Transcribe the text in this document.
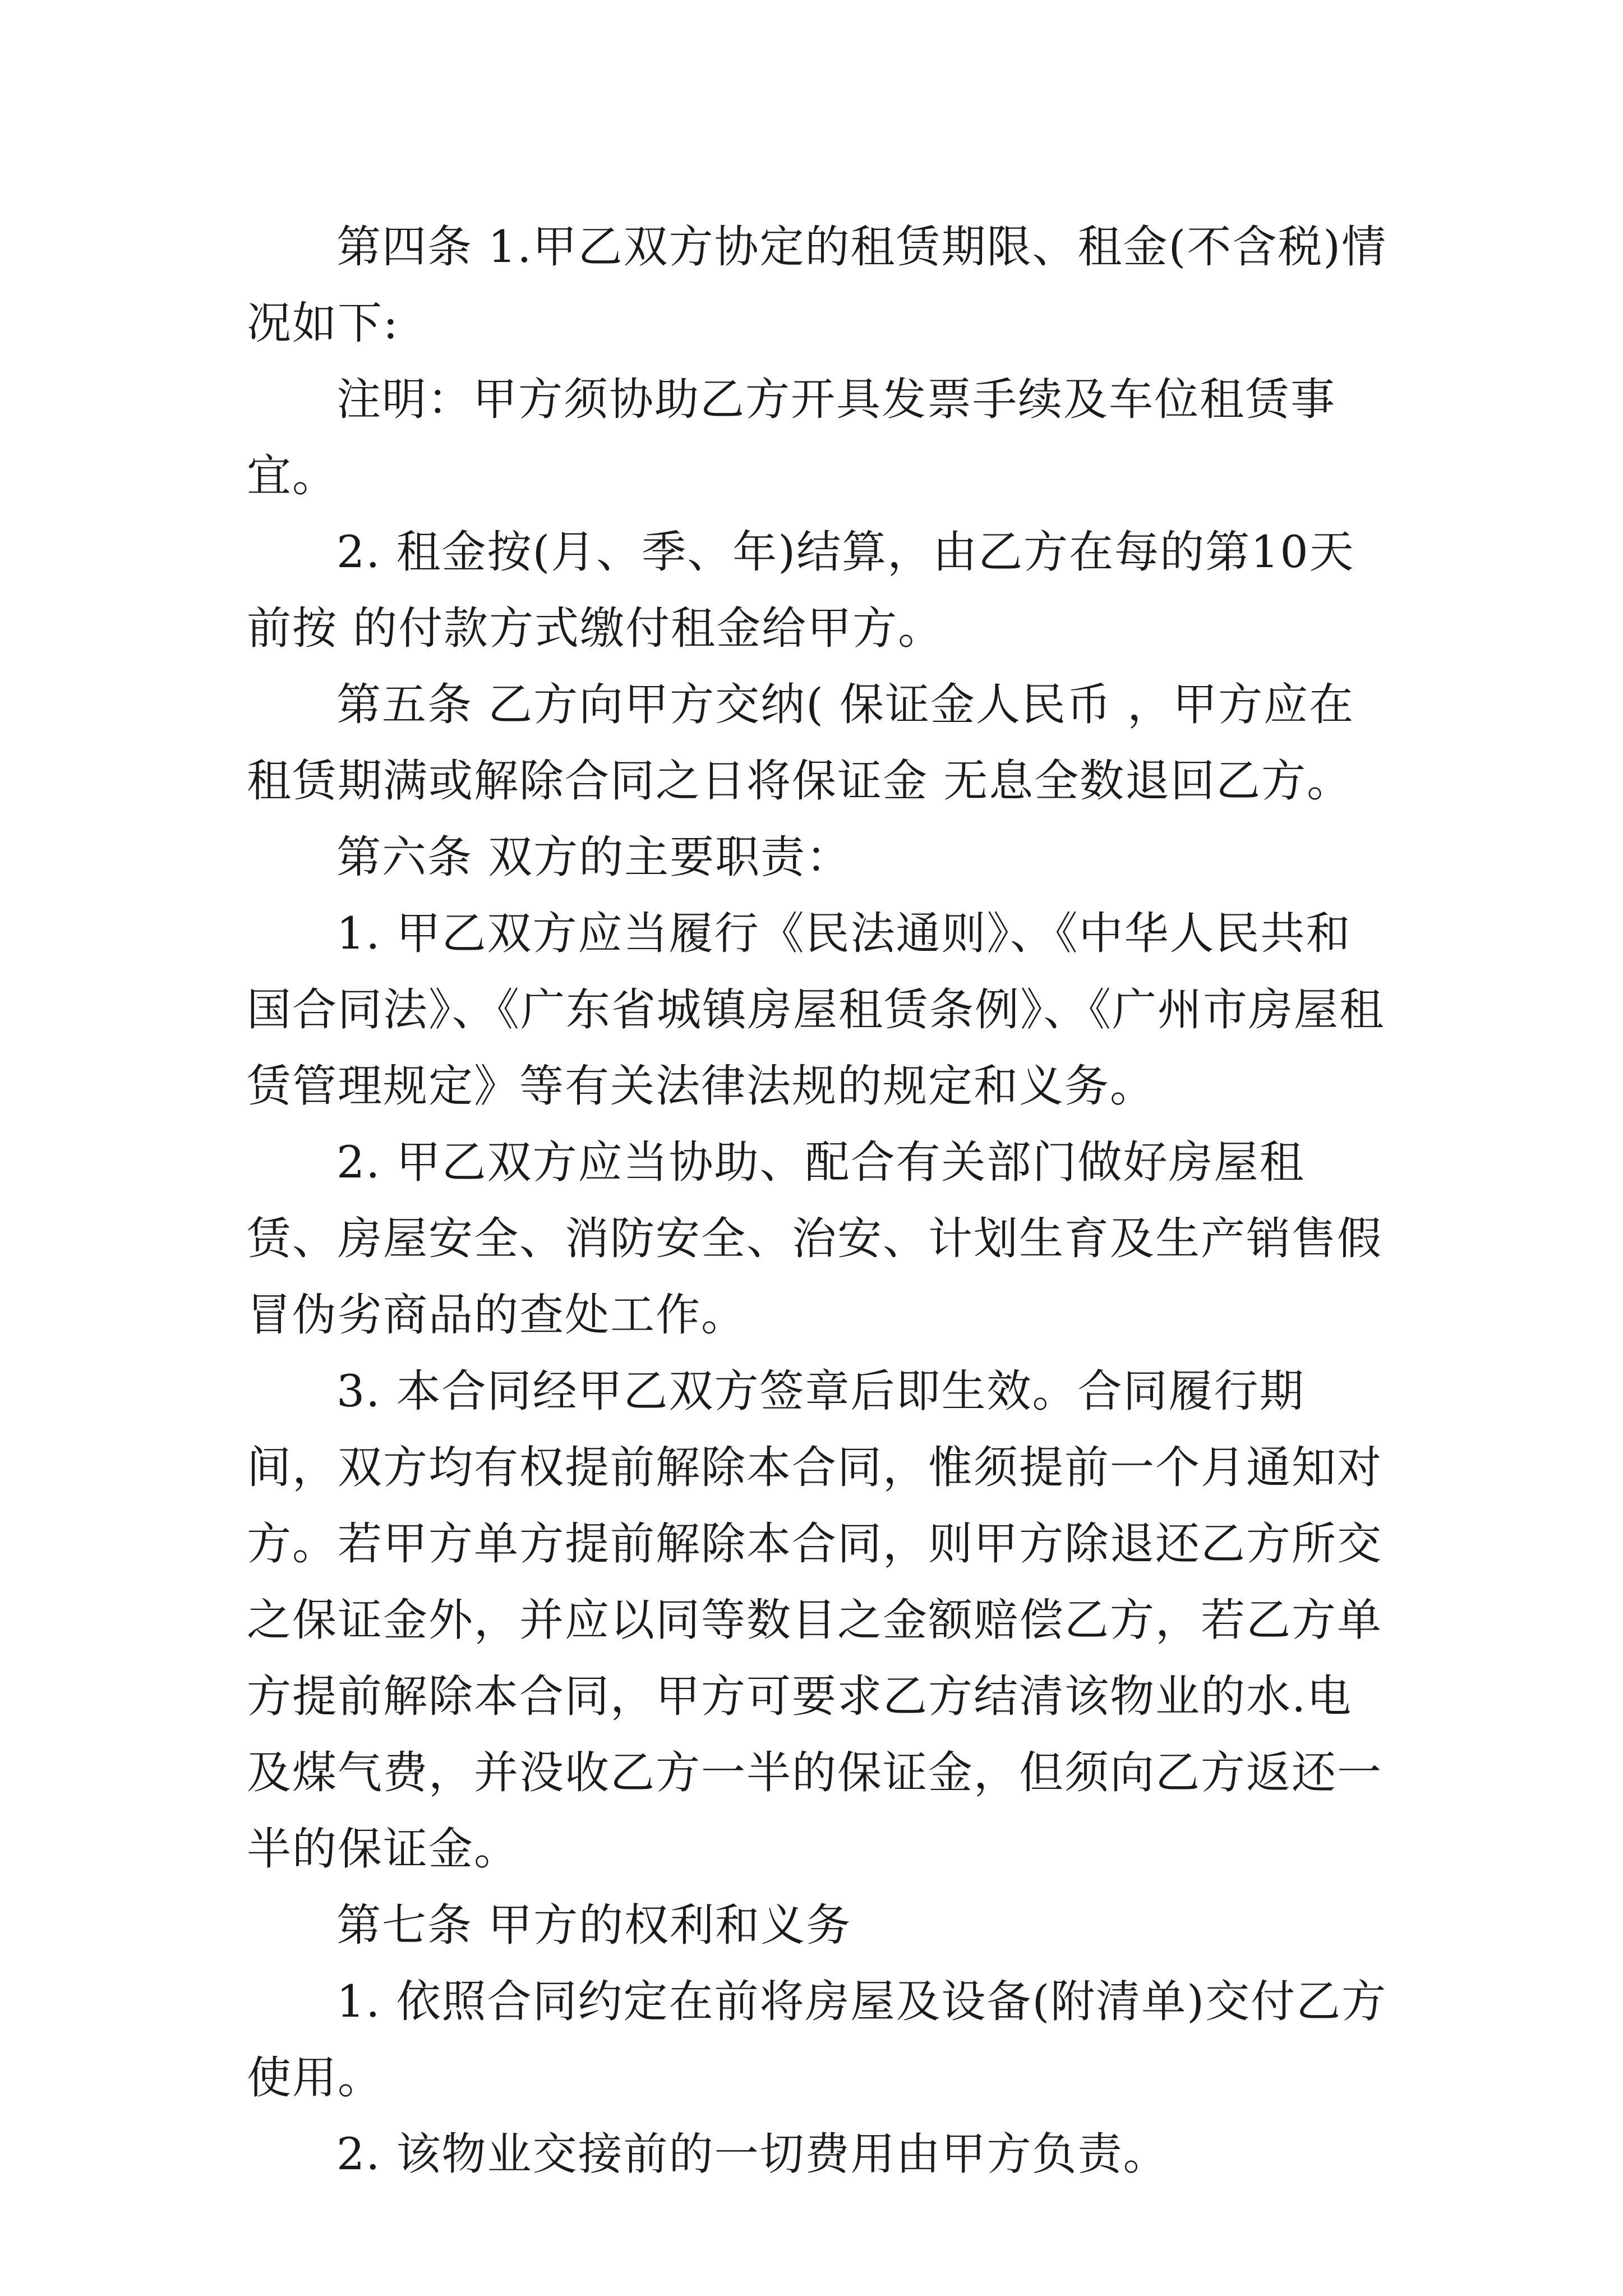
第四条 1.甲乙双方协定的租赁期限、租金(不含税)情况如下:

注明：甲方须协助乙方开具发票手续及车位租赁事宜。

2. 租金按(月、季、年)结算，由乙方在每的第10天前按 的付款方式缴付租金给甲方。

第五条 乙方向甲方交纳( 保证金人民币 ，甲方应在租赁期满或解除合同之日将保证金 无息全数退回乙方。

第六条 双方的主要职责：

1. 甲乙双方应当履行《民法通则》、《中华人民共和国合同法》、《广东省城镇房屋租赁条例》、《广州市房屋租赁管理规定》等有关法律法规的规定和义务。

2. 甲乙双方应当协助、配合有关部门做好房屋租赁、房屋安全、消防安全、治安、计划生育及生产销售假冒伪劣商品的查处工作。

3. 本合同经甲乙双方签章后即生效。合同履行期间，双方均有权提前解除本合同，惟须提前一个月通知对方。若甲方单方提前解除本合同，则甲方除退还乙方所交之保证金外，并应以同等数目之金额赔偿乙方，若乙方单方提前解除本合同，甲方可要求乙方结清该物业的水.电及煤气费，并没收乙方一半的保证金，但须向乙方返还一半的保证金。

第七条 甲方的权利和义务

1. 依照合同约定在前将房屋及设备(附清单)交付乙方使用。

2. 该物业交接前的一切费用由甲方负责。
